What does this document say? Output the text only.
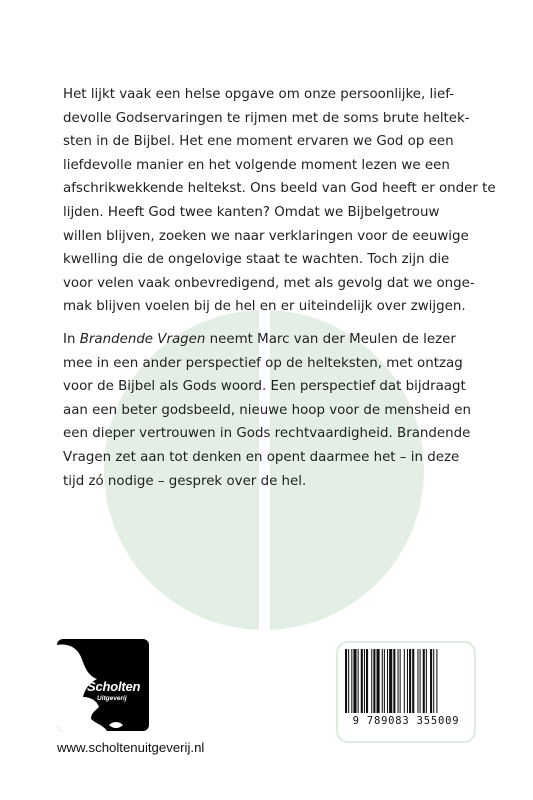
Het lijkt vaak een helse opgave om onze persoonlijke, lief-
devolle Godservaringen te rijmen met de soms brute heltek-
sten in de Bijbel. Het ene moment ervaren we God op een
liefdevolle manier en het volgende moment lezen we een
afschrikwekkende heltekst. Ons beeld van God heeft er onder te
lijden. Heeft God twee kanten? Omdat we Bijbelgetrouw
willen blijven, zoeken we naar verklaringen voor de eeuwige
kwelling die de ongelovige staat te wachten. Toch zijn die
voor velen vaak onbevredigend, met als gevolg dat we onge-
mak blijven voelen bij de hel en er uiteindelijk over zwijgen.

In Brandende Vragen neemt Marc van der Meulen de lezer
mee in een ander perspectief op de helteksten, met ontzag
voor de Bijbel als Gods woord. Een perspectief dat bijdraagt
aan een beter godsbeeld, nieuwe hoop voor de mensheid en
een dieper vertrouwen in Gods rechtvaardigheid. Brandende
Vragen zet aan tot denken en opent daarmee het – in deze
tijd zó nodige – gesprek over de hel.

Scholten
Uitgeverij
www.scholtenuitgeverij.nl
9 789083 355009
